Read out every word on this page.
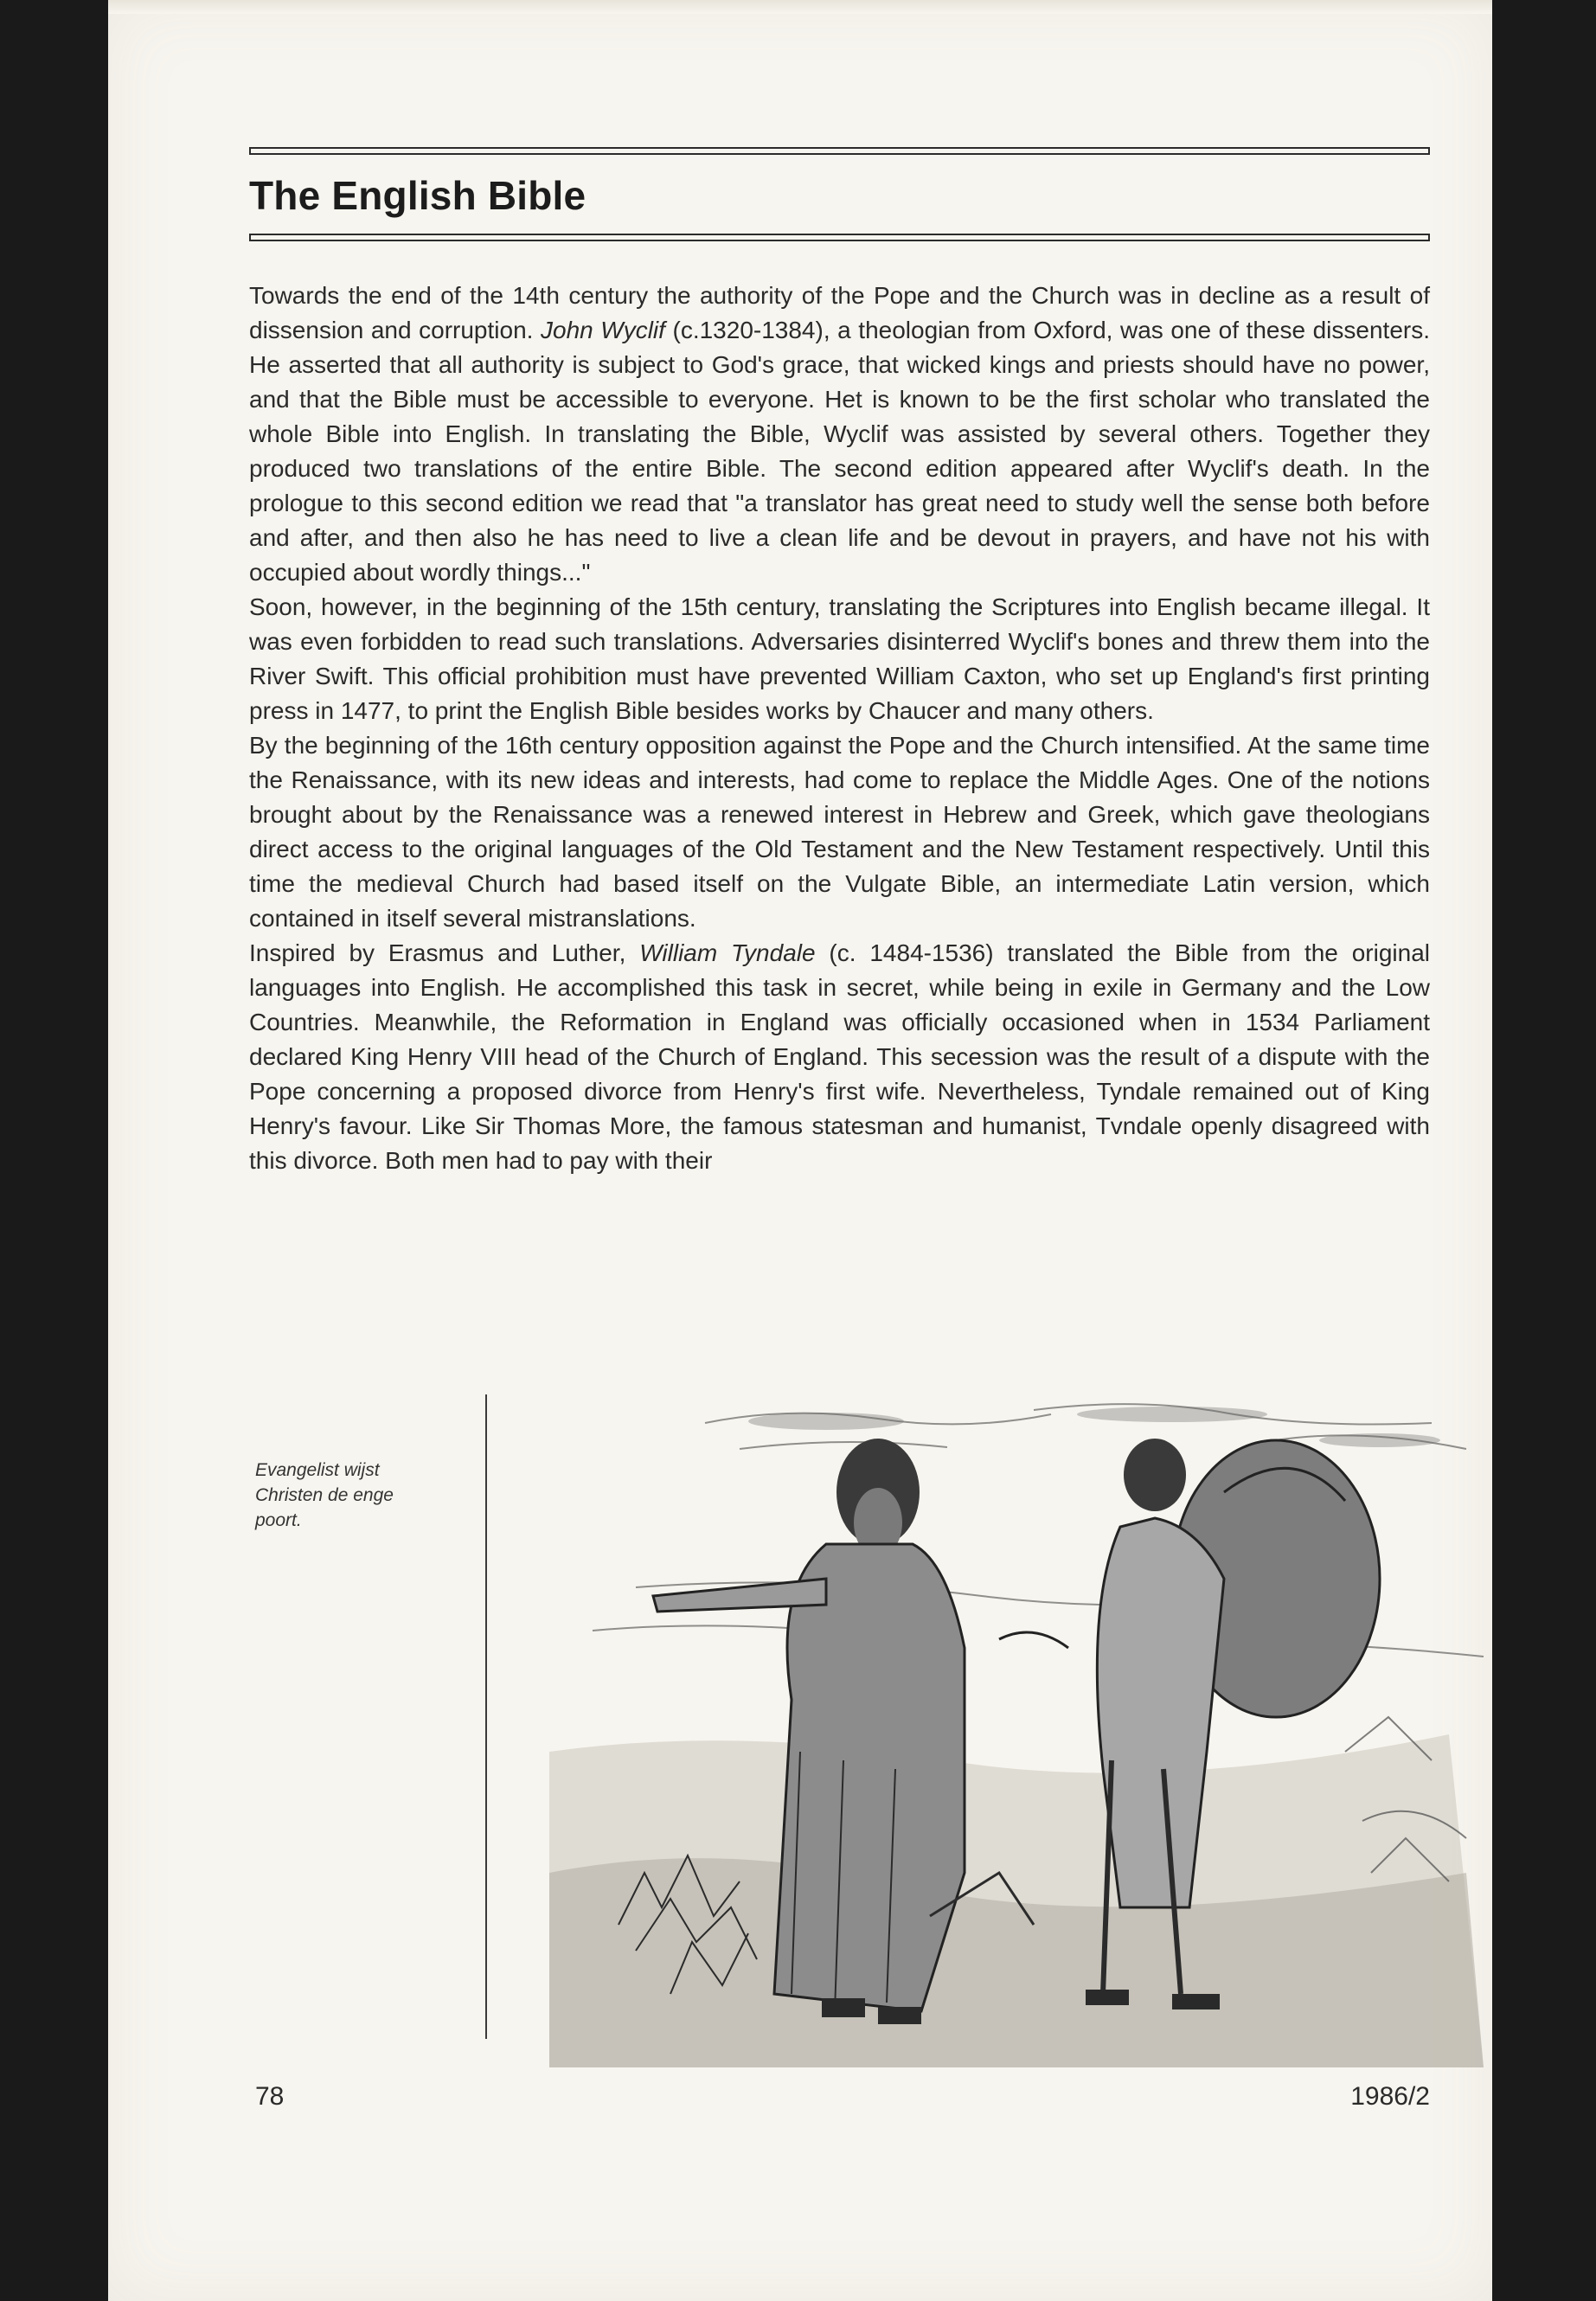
The English Bible

Towards the end of the 14th century the authority of the Pope and the Church was in decline as a result of dissension and corruption. John Wyclif (c.1320-1384), a theologian from Oxford, was one of these dissenters. He asserted that all authority is subject to God's grace, that wicked kings and priests should have no power, and that the Bible must be accessible to everyone. Het is known to be the first scholar who translated the whole Bible into English. In translating the Bible, Wyclif was assisted by several others. Together they produced two translations of the entire Bible. The second edition appeared after Wyclif's death. In the prologue to this second edition we read that "a translator has great need to study well the sense both before and after, and then also he has need to live a clean life and be devout in prayers, and have not his with occupied about wordly things..."

Soon, however, in the beginning of the 15th century, translating the Scriptures into English became illegal. It was even forbidden to read such translations. Adversaries disinterred Wyclif's bones and threw them into the River Swift. This official prohibition must have prevented William Caxton, who set up England's first printing press in 1477, to print the English Bible besides works by Chaucer and many others.

By the beginning of the 16th century opposition against the Pope and the Church intensified. At the same time the Renaissance, with its new ideas and interests, had come to replace the Middle Ages. One of the notions brought about by the Renaissance was a renewed interest in Hebrew and Greek, which gave theologians direct access to the original languages of the Old Testament and the New Testament respectively. Until this time the medieval Church had based itself on the Vulgate Bible, an intermediate Latin version, which contained in itself several mistranslations.

Inspired by Erasmus and Luther, William Tyndale (c. 1484-1536) translated the Bible from the original languages into English. He accomplished this task in secret, while being in exile in Germany and the Low Countries. Meanwhile, the Reformation in England was officially occasioned when in 1534 Parliament declared King Henry VIII head of the Church of England. This secession was the result of a dispute with the Pope concerning a proposed divorce from Henry's first wife. Nevertheless, Tyndale remained out of King Henry's favour. Like Sir Thomas More, the famous statesman and humanist, Tvndale openly disagreed with this divorce. Both men had to pay with their

Evangelist wijst
Christen de enge
poort.
78	1986/2
